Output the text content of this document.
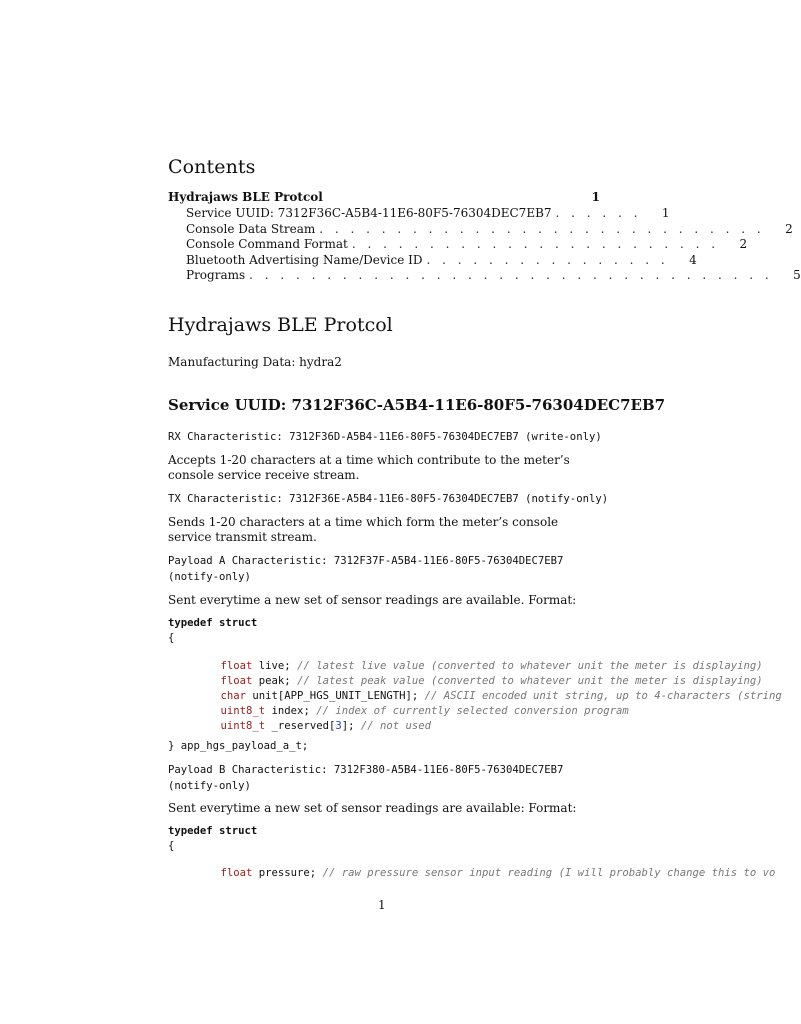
Contents
Hydrajaws BLE Protcol	1
Service UUID: 7312F36C-A5B4-11E6-80F5-76304DEC7EB7 . . . . . .	1
Console Data Stream . . . . . . . . . . . . . . . . . . . . . . . . . . . . .	2
Console Command Format . . . . . . . . . . . . . . . . . . . . . . . .	2
Bluetooth Advertising Name/Device ID . . . . . . . . . . . . . . . .	4
Programs . . . . . . . . . . . . . . . . . . . . . . . . . . . . . . . . . .	5
Hydrajaws BLE Protcol
Manufacturing Data: hydra2
Service UUID: 7312F36C-A5B4-11E6-80F5-76304DEC7EB7
RX Characteristic: 7312F36D-A5B4-11E6-80F5-76304DEC7EB7 (write-only)

Accepts 1-20 characters at a time which contribute to the meter’s console service receive stream.

TX Characteristic: 7312F36E-A5B4-11E6-80F5-76304DEC7EB7 (notify-only)

Sends 1-20 characters at a time which form the meter’s console service transmit stream.

Payload A Characteristic: 7312F37F-A5B4-11E6-80F5-76304DEC7EB7
(notify-only)

Sent everytime a new set of sensor readings are available. Format:

typedef struct
{

float live; // latest live value (converted to whatever unit the meter is displaying)

float peak; // latest peak value (converted to whatever unit the meter is displaying)

char unit[APP_HGS_UNIT_LENGTH]; // ASCII encoded unit string, up to 4-characters (string

uint8_t index; // index of currently selected conversion program

uint8_t _reserved[3]; // not used

} app_hgs_payload_a_t;
Payload B Characteristic: 7312F380-A5B4-11E6-80F5-76304DEC7EB7
(notify-only)

Sent everytime a new set of sensor readings are available: Format:

typedef struct
{

float pressure; // raw pressure sensor input reading (I will probably change this to vo

1
